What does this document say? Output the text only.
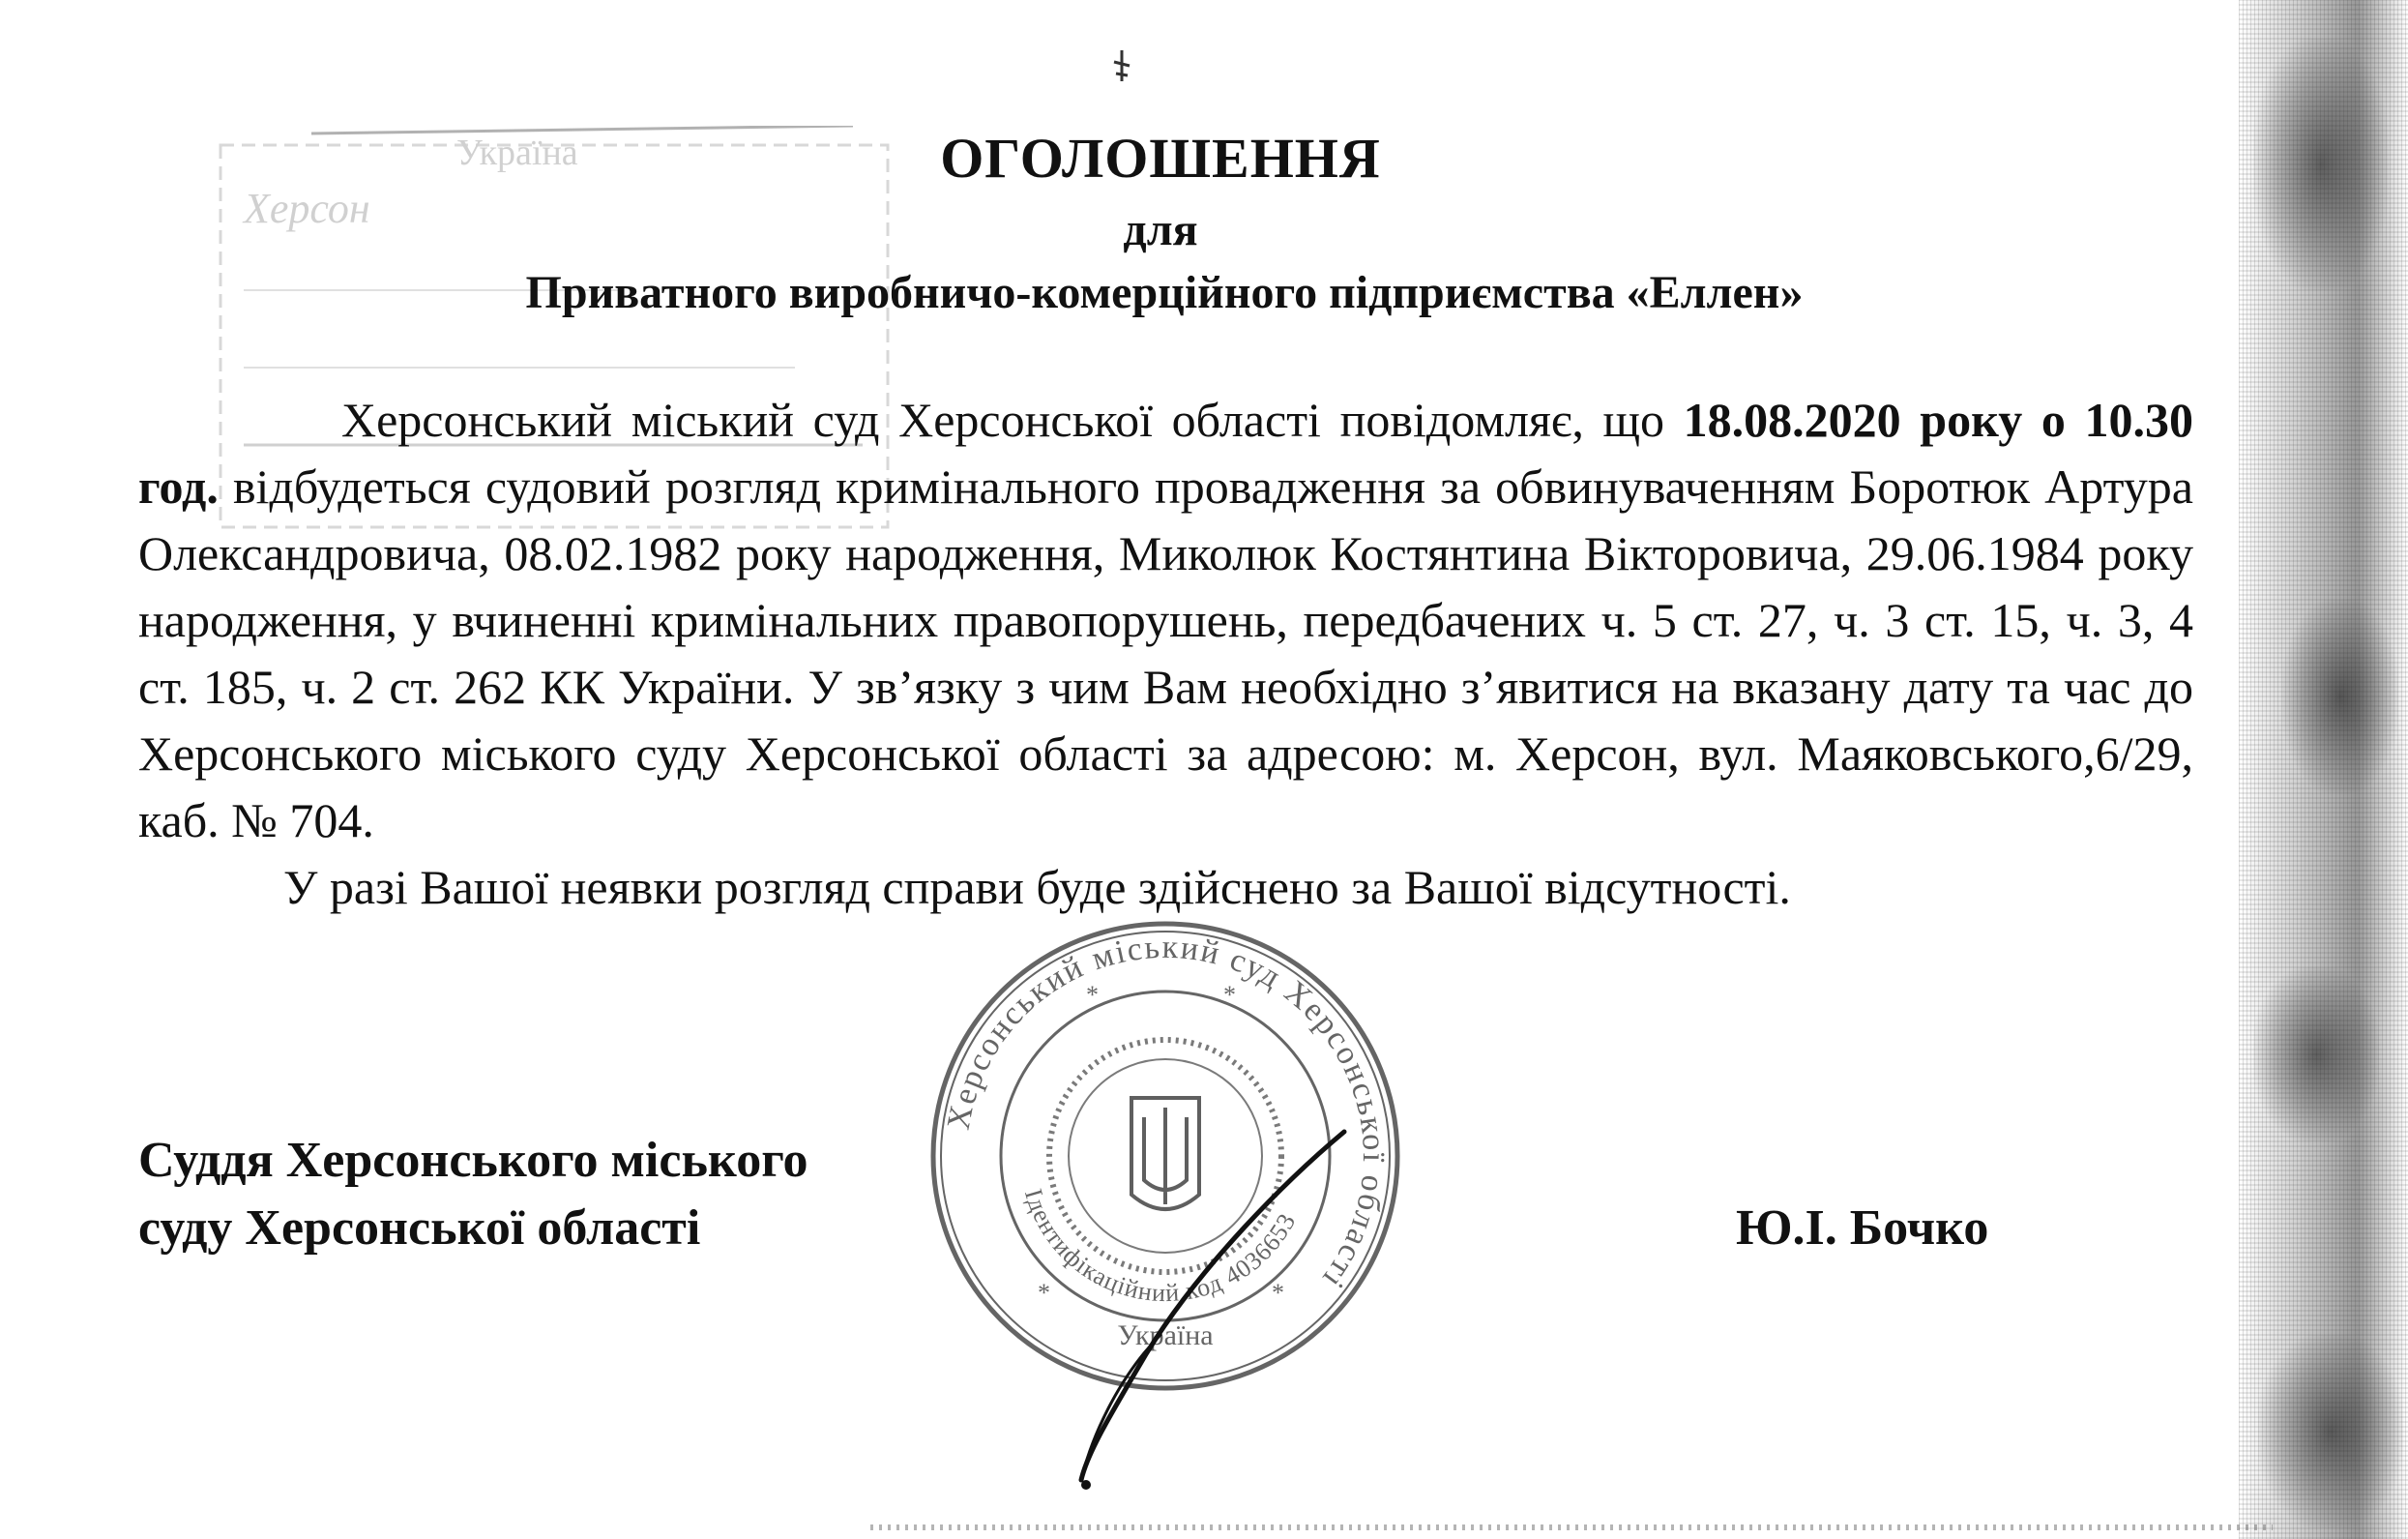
Україна
Херсон
ОГОЛОШЕННЯ
для
Приватного виробничо-комерційного підприємства «Еллен»

Херсонський міський суд Херсонської області повідомляє, що 18.08.2020 року о 10.30 год. відбудеться судовий розгляд кримінального провадження за обвинуваченням Боротюк Артура Олександровича, 08.02.1982 року народження, Миколюк Костянтина Вікторовича, 29.06.1984 року народження, у вчиненні кримінальних правопорушень, передбачених ч. 5 ст. 27, ч. 3 ст. 15, ч. 3, 4 ст. 185, ч. 2 ст. 262 КК України. У зв’язку з чим Вам необхідно з’явитися на вказану дату та час до Херсонського міського суду Херсонської області за адресою: м. Херсон, вул. Маяковського,6/29, каб. № 704.

У разі Вашої неявки розгляд справи буде здійснено за Вашої відсутності.

Суддя Херсонського міського
суду Херсонської області	Ю.І. Бочко
Херсонський міський суд Херсонської області
Ідентифікаційний код 4036653
Україна
*	*
*	*
